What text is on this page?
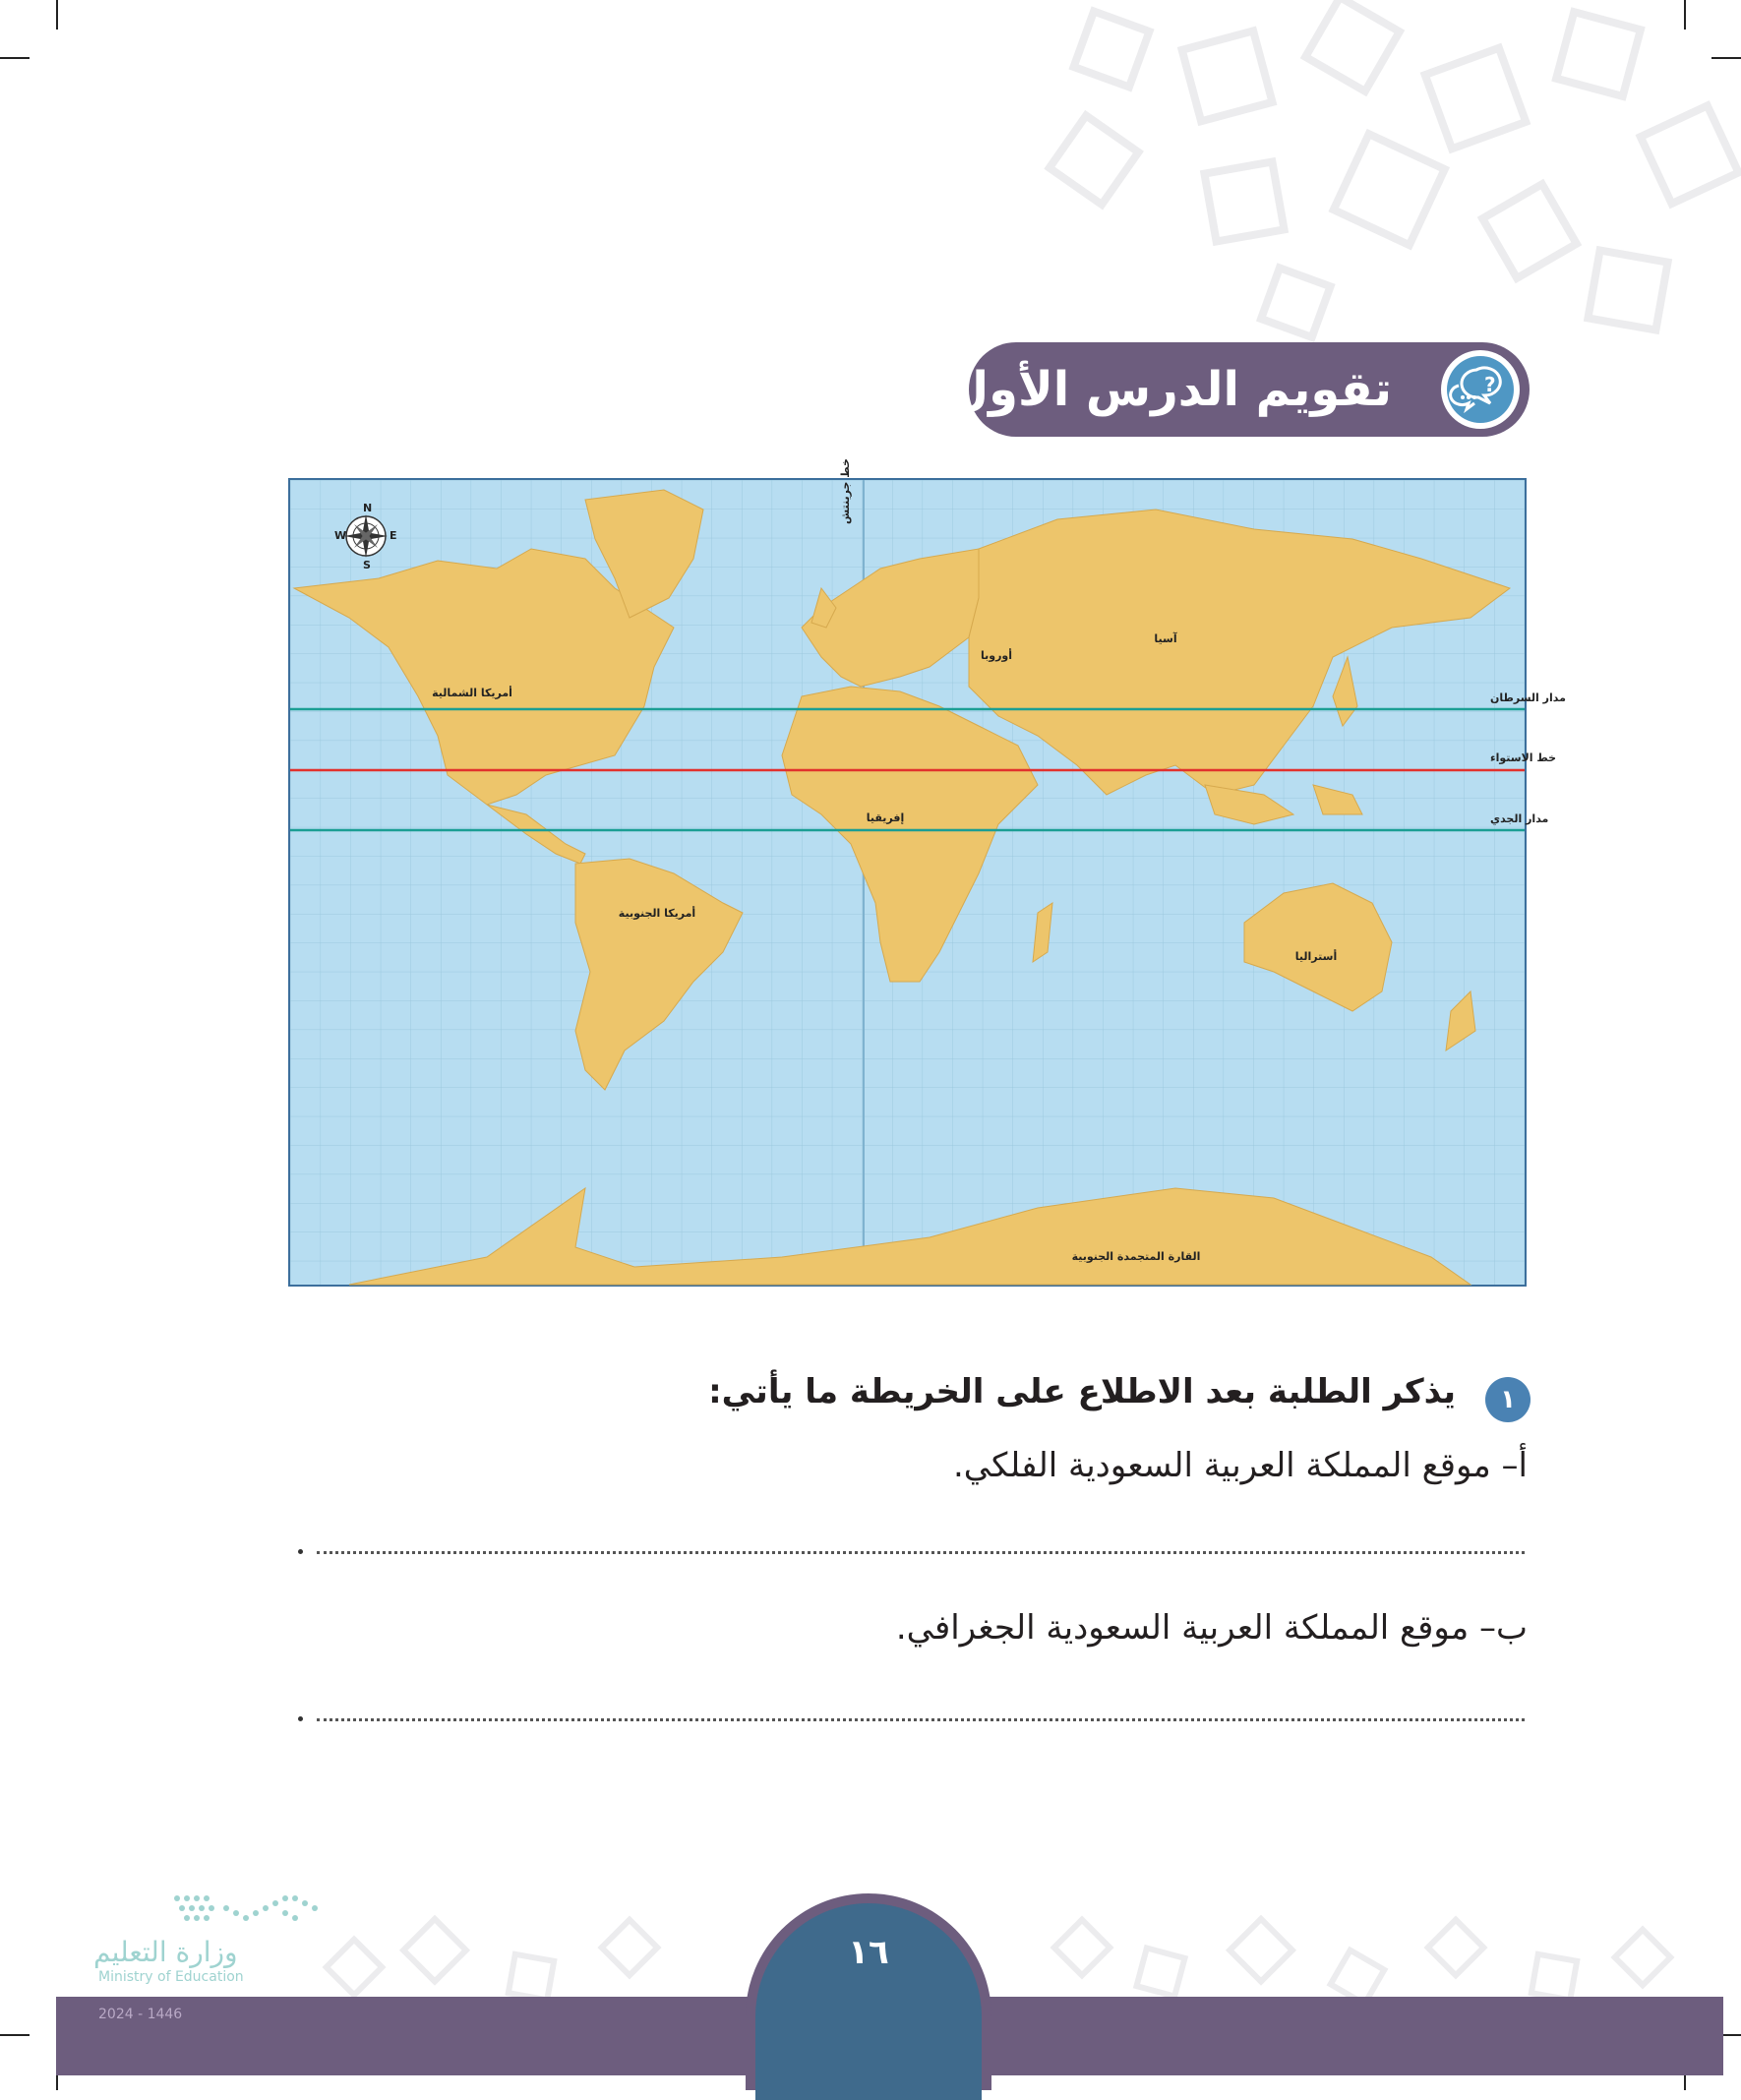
تقويم الدرس الأول	?
N
S
E
W
خط جرينتش
آسيا
أوروبا
أمريكا الشمالية
إفريقيا
أمريكا الجنوبية
أستراليا
القارة المتجمدة الجنوبية
مدار السرطان
خط الاستواء
مدار الجدي
١
يذكر الطلبة بعد الاطلاع على الخريطة ما يأتي:
أ– موقع المملكة العربية السعودية الفلكي.
ب– موقع المملكة العربية السعودية الجغرافي.
١٦
وزارة التعليم
Ministry of Education
2024 - 1446
